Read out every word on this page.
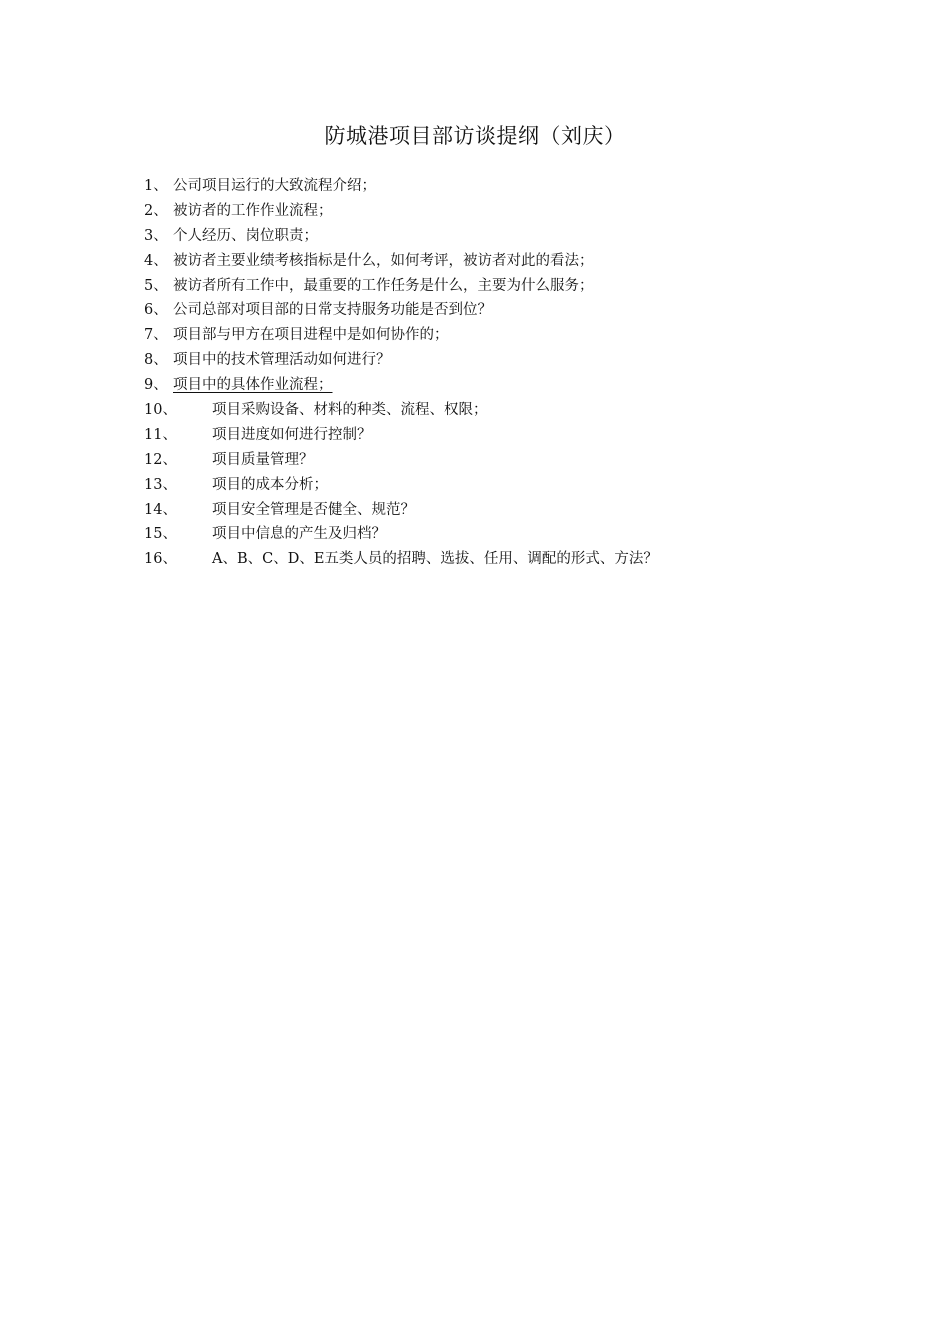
防城港项目部访谈提纲（刘庆）
1、 公司项目运行的大致流程介绍；
2、 被访者的工作作业流程；
3、 个人经历、岗位职责；
4、 被访者主要业绩考核指标是什么，如何考评，被访者对此的看法；
5、 被访者所有工作中，最重要的工作任务是什么，主要为什么服务；
6、 公司总部对项目部的日常支持服务功能是否到位？
7、 项目部与甲方在项目进程中是如何协作的；
8、 项目中的技术管理活动如何进行？
9、 项目中的具体作业流程；
10、	项目采购设备、材料的种类、流程、权限；
11、	项目进度如何进行控制？
12、	项目质量管理？
13、	项目的成本分析；
14、	项目安全管理是否健全、规范？
15、	项目中信息的产生及归档？
16、	A、B、C、D、E五类人员的招聘、选拔、任用、调配的形式、方法？
